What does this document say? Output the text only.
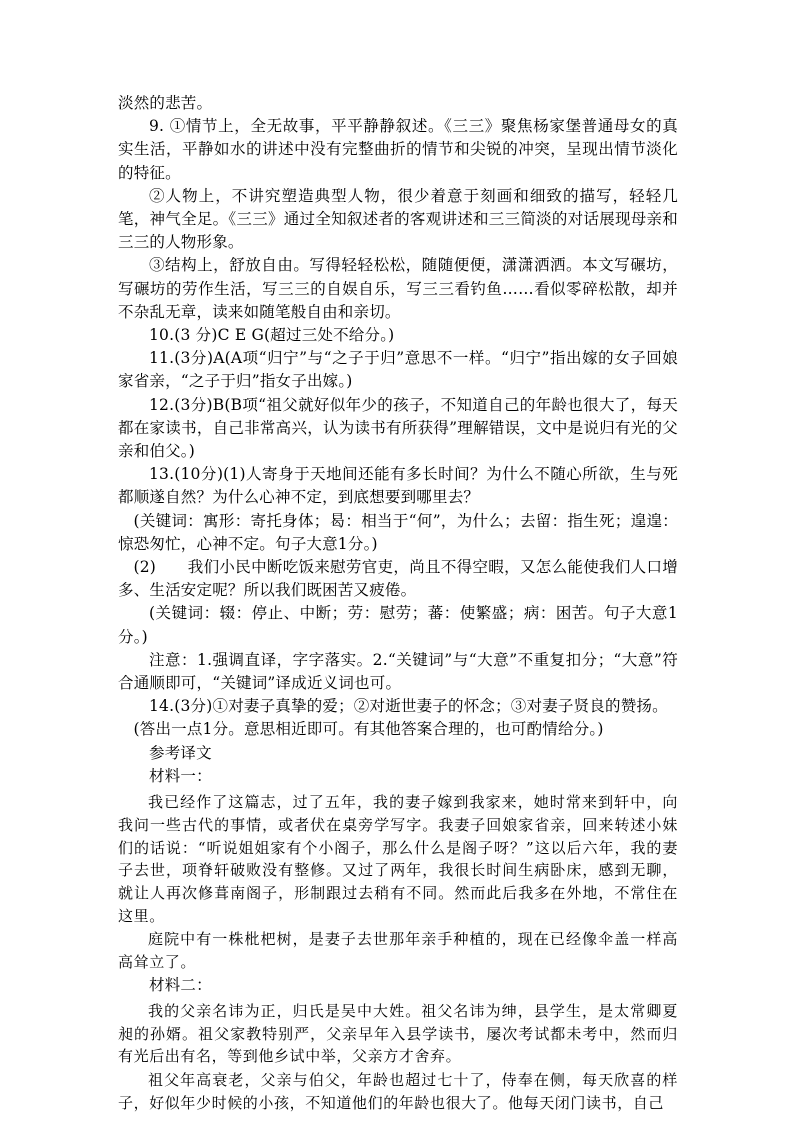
淡然的悲苦。

9. ①情节上，全无故事，平平静静叙述。《三三》聚焦杨家堡普通母女的真实生活，平静如水的讲述中没有完整曲折的情节和尖锐的冲突，呈现出情节淡化的特征。

②人物上，不讲究塑造典型人物，很少着意于刻画和细致的描写，轻轻几笔，神气全足。《三三》通过全知叙述者的客观讲述和三三简淡的对话展现母亲和三三的人物形象。

③结构上，舒放自由。写得轻轻松松，随随便便，潇潇洒洒。本文写碾坊，写碾坊的劳作生活，写三三的自娱自乐，写三三看钓鱼……看似零碎松散，却并不杂乱无章，读来如随笔般自由和亲切。

10.(3 分)C E G(超过三处不给分。)

11.(3分)A(A项“归宁”与“之子于归”意思不一样。“归宁”指出嫁的女子回娘家省亲，“之子于归”指女子出嫁。)

12.(3分)B(B项“祖父就好似年少的孩子，不知道自己的年龄也很大了，每天都在家读书，自己非常高兴，认为读书有所获得”理解错误，文中是说归有光的父亲和伯父。)

13.(10分)(1)人寄身于天地间还能有多长时间？为什么不随心所欲，生与死都顺遂自然？为什么心神不定，到底想要到哪里去？

(关键词：寓形：寄托身体；曷：相当于“何”，为什么；去留：指生死；遑遑：惊恐匆忙，心神不定。句子大意1分。)

(2)　　我们小民中断吃饭来慰劳官吏，尚且不得空暇，又怎么能使我们人口增多、生活安定呢？所以我们既困苦又疲倦。

(关键词：辍：停止、中断；劳：慰劳；蕃：使繁盛；病：困苦。句子大意1分。)

注意：1.强调直译，字字落实。2.“关键词”与“大意”不重复扣分；“大意”符合通顺即可，“关键词”译成近义词也可。

14.(3分)①对妻子真挚的爱；②对逝世妻子的怀念；③对妻子贤良的赞扬。

(答出一点1分。意思相近即可。有其他答案合理的，也可酌情给分。)

参考译文

材料一：

我已经作了这篇志，过了五年，我的妻子嫁到我家来，她时常来到轩中，向我问一些古代的事情，或者伏在桌旁学写字。我妻子回娘家省亲，回来转述小妹们的话说：“听说姐姐家有个小阁子，那么什么是阁子呀？”这以后六年，我的妻子去世，项脊轩破败没有整修。又过了两年，我很长时间生病卧床，感到无聊，就让人再次修葺南阁子，形制跟过去稍有不同。然而此后我多在外地，不常住在这里。

庭院中有一株枇杷树，是妻子去世那年亲手种植的，现在已经像伞盖一样高高耸立了。

材料二：

我的父亲名讳为正，归氏是吴中大姓。祖父名讳为绅，县学生，是太常卿夏昶的孙婿。祖父家教特别严，父亲早年入县学读书，屡次考试都未考中，然而归有光后出有名，等到他乡试中举，父亲方才舍弃。

祖父年高衰老，父亲与伯父，年龄也超过七十了，侍奉在侧，每天欣喜的样子，好似年少时候的小孩，不知道他们的年龄也很大了。他每天闭门读书，自己
